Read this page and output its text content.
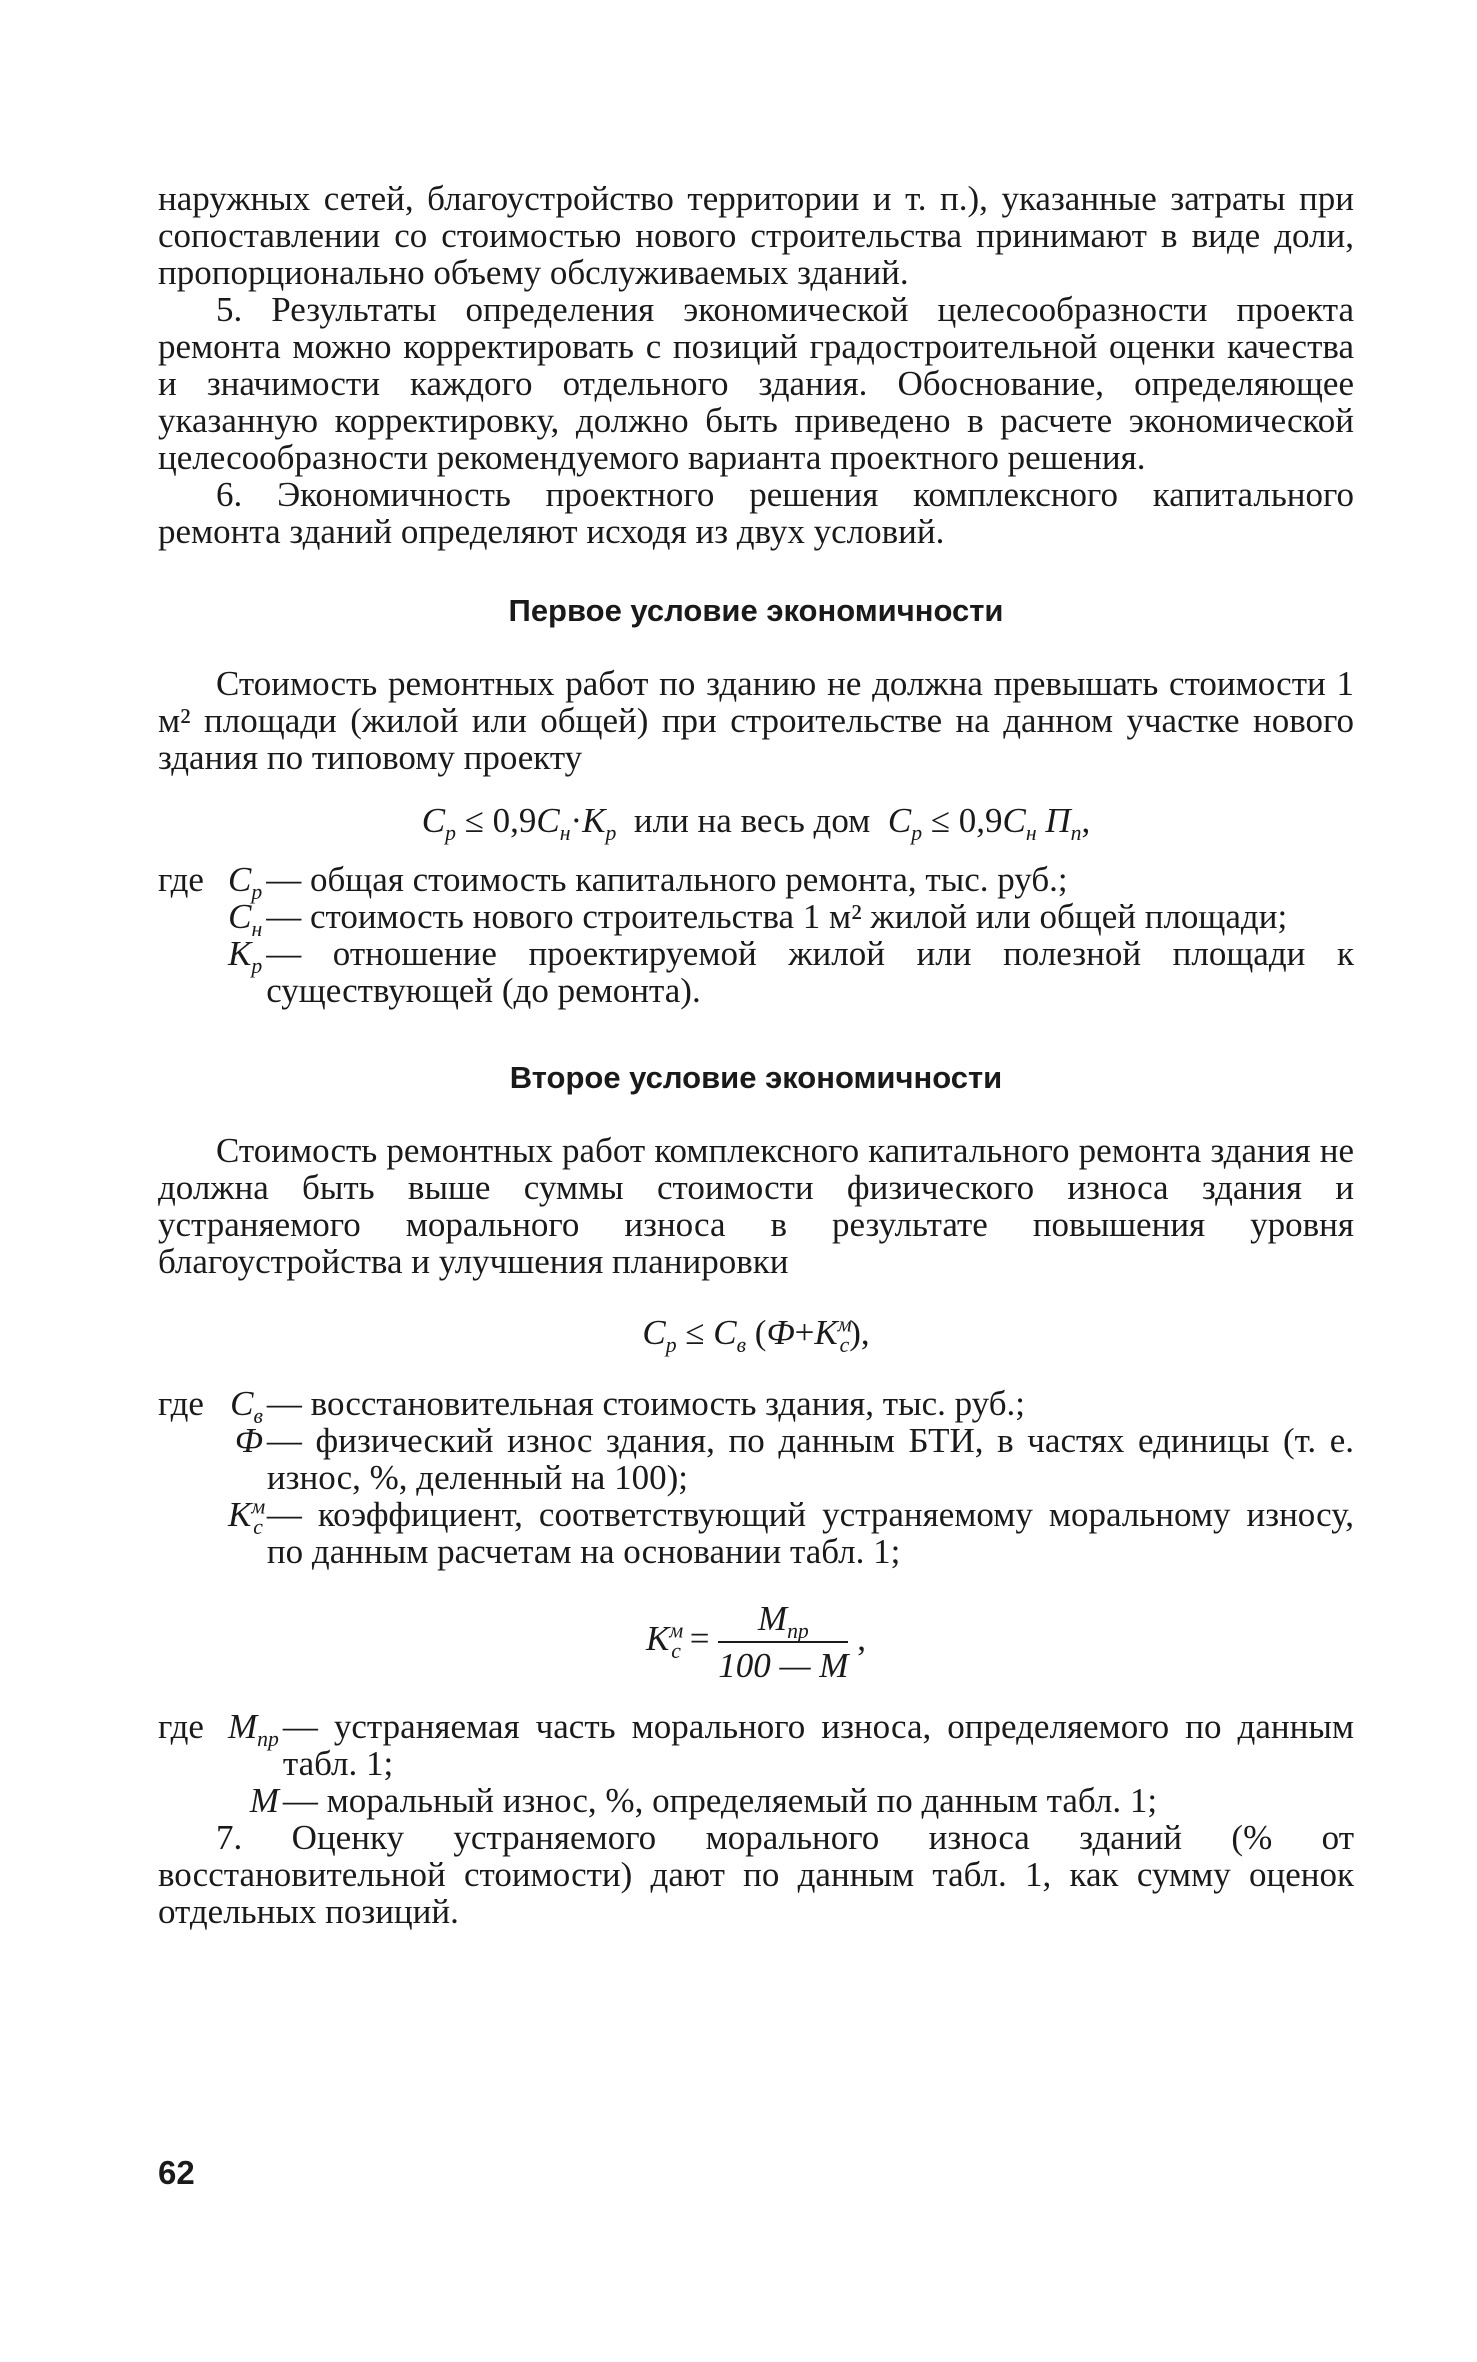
наружных сетей, благоустройство территории и т. п.), указанные затраты при сопоставлении со стоимостью нового строительства принимают в виде доли, пропорционально объему обслуживаемых зданий.

5. Результаты определения экономической целесообразности проекта ремонта можно корректировать с позиций градостроительной оценки качества и значимости каждого отдельного здания. Обоснование, определяющее указанную корректировку, должно быть приведено в расчете экономической целесообразности рекомендуемого варианта проектного решения.

6. Экономичность проектного решения комплексного капитального ремонта зданий определяют исходя из двух условий.

Первое условие экономичности

Стоимость ремонтных работ по зданию не должна превышать стоимости 1 м² площади (жилой или общей) при строительстве на данном участке нового здания по типовому проекту

$C_р \le 0,9C_н\cdot K_р$ или на весь дом $C_р \le 0,9C_н$ $П_п$,

где	$C_р$	— общая стоимость капитального ремонта, тыс. руб.;
	$C_н$	— стоимость нового строительства 1 м² жилой или общей площади;
	$K_р$	— отношение проектируемой жилой или полезной площади к существующей (до ремонта).

Второе условие экономичности

Стоимость ремонтных работ комплексного капитального ремонта здания не должна быть выше суммы стоимости физического износа здания и устраняемого морального износа в результате повышения уровня благоустройства и улучшения планировки

$C_р \le C_в$ $(Ф+K^м_с)$,

где	$C_в$	— восстановительная стоимость здания, тыс. руб.;
	Ф	— физический износ здания, по данным БТИ, в частях единицы (т. е. износ, %, деленный на 100);
	$K^м_с$	— коэффициент, соответствующий устраняемому моральному износу, по данным расчетам на основании табл. 1;

$K^м_с = \frac{M_{пр}}{100 — M}$ ,

где	$M_{пр}$	— устраняемая часть морального износа, определяемого по данным табл. 1;
	M	— моральный износ, %, определяемый по данным табл. 1;

7. Оценку устраняемого морального износа зданий (% от восстановительной стоимости) дают по данным табл. 1, как сумму оценок отдельных позиций.

62
